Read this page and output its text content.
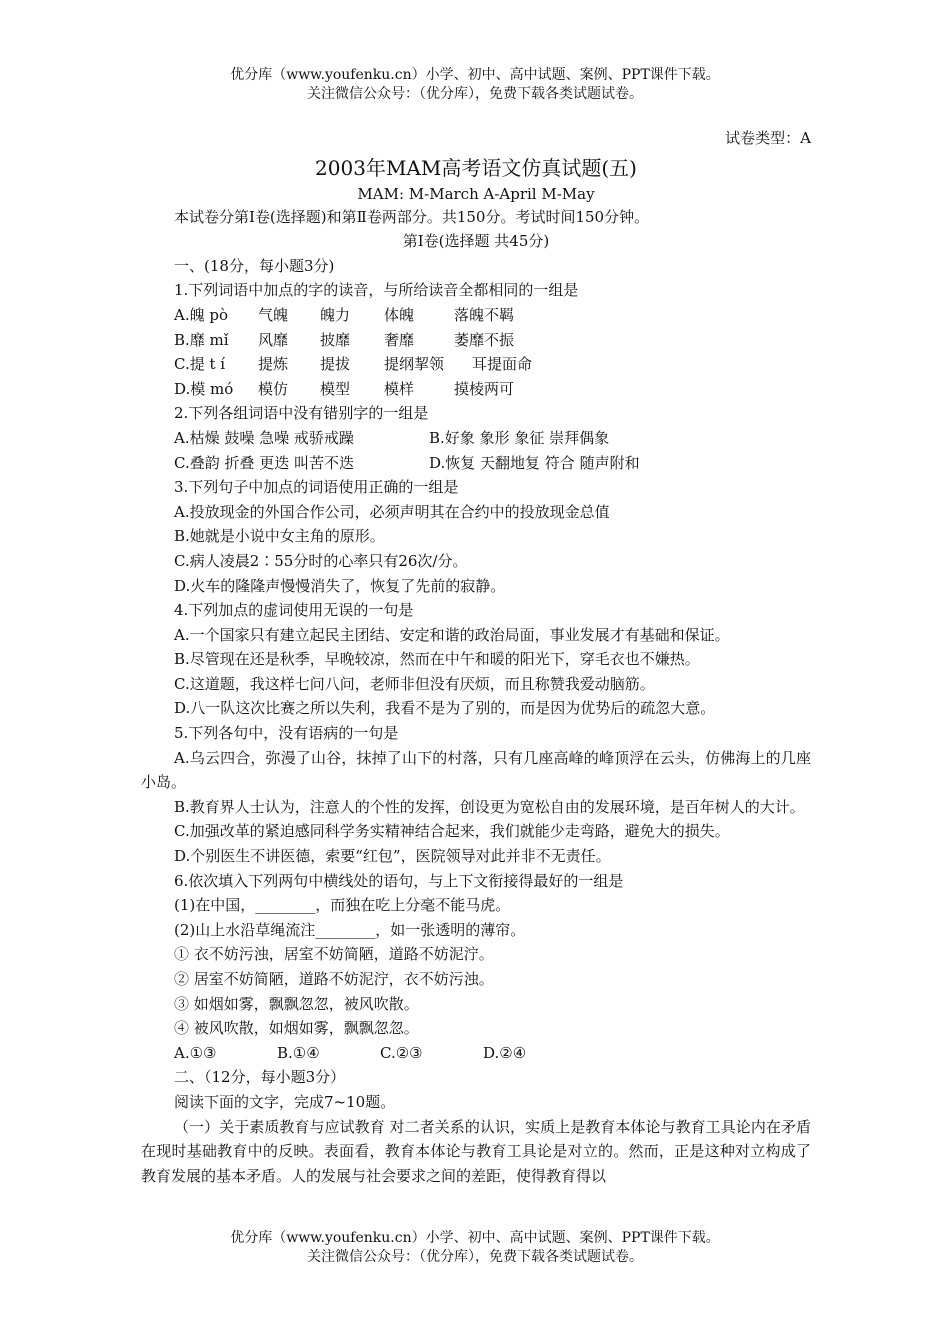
优分库（www.youfenku.cn）小学、初中、高中试题、案例、PPT课件下载。
关注微信公众号：（优分库），免费下载各类试题试卷。
试卷类型：A
2003年MAM高考语文仿真试题(五)
MAM: M-March A-April M-May
本试卷分第Ⅰ卷(选择题)和第Ⅱ卷两部分。共150分。考试时间150分钟。
第Ⅰ卷(选择题 共45分)
一、(18分，每小题3分)
1.下列词语中加点的字的读音，与所给读音全都相同的一组是
A.魄 pò 气魄 魄力 体魄	落魄不羁
B.靡 mǐ 风靡 披靡 奢靡	萎靡不振
C.提 t í 提炼 提拔 提纲挈领 耳提面命
D.模 mó 模仿 模型 模样	摸棱两可
2.下列各组词语中没有错别字的一组是
A.枯燥 鼓噪 急噪 戒骄戒躁	B.好象 象形 象征 崇拜偶象
C.叠韵 折叠 更迭 叫苦不迭	D.恢复 天翻地复 符合 随声附和
3.下列句子中加点的词语使用正确的一组是
A.投放现金的外国合作公司，必须声明其在合约中的投放现金总值
B.她就是小说中女主角的原形。
C.病人凌晨2∶55分时的心率只有26次/分。
D.火车的隆隆声慢慢消失了，恢复了先前的寂静。
4.下列加点的虚词使用无误的一句是
A.一个国家只有建立起民主团结、安定和谐的政治局面，事业发展才有基础和保证。
B.尽管现在还是秋季，早晚较凉，然而在中午和暖的阳光下，穿毛衣也不嫌热。
C.这道题，我这样七问八问，老师非但没有厌烦，而且称赞我爱动脑筋。
D.八一队这次比赛之所以失利，我看不是为了别的，而是因为优势后的疏忽大意。
5.下列各句中，没有语病的一句是
A.乌云四合，弥漫了山谷，抹掉了山下的村落，只有几座高峰的峰顶浮在云头，仿佛海上的几座小岛。
B.教育界人士认为，注意人的个性的发挥，创设更为宽松自由的发展环境，是百年树人的大计。
C.加强改革的紧迫感同科学务实精神结合起来，我们就能少走弯路，避免大的损失。
D.个别医生不讲医德，索要“红包”，医院领导对此并非不无责任。
6.依次填入下列两句中横线处的语句，与上下文衔接得最好的一组是
(1)在中国，________，而独在吃上分毫不能马虎。
(2)山上水沿草绳流注________，如一张透明的薄帘。
① 衣不妨污浊，居室不妨简陋，道路不妨泥泞。
② 居室不妨简陋，道路不妨泥泞，衣不妨污浊。
③ 如烟如雾，飘飘忽忽，被风吹散。
④ 被风吹散，如烟如雾，飘飘忽忽。
A.①③	B.①④	C.②③	D.②④
二、（12分，每小题3分）
阅读下面的文字，完成7~10题。
（一）关于素质教育与应试教育 对二者关系的认识，实质上是教育本体论与教育工具论内在矛盾在现时基础教育中的反映。表面看，教育本体论与教育工具论是对立的。然而，正是这种对立构成了教育发展的基本矛盾。人的发展与社会要求之间的差距，使得教育得以
优分库（www.youfenku.cn）小学、初中、高中试题、案例、PPT课件下载。
关注微信公众号：（优分库），免费下载各类试题试卷。
